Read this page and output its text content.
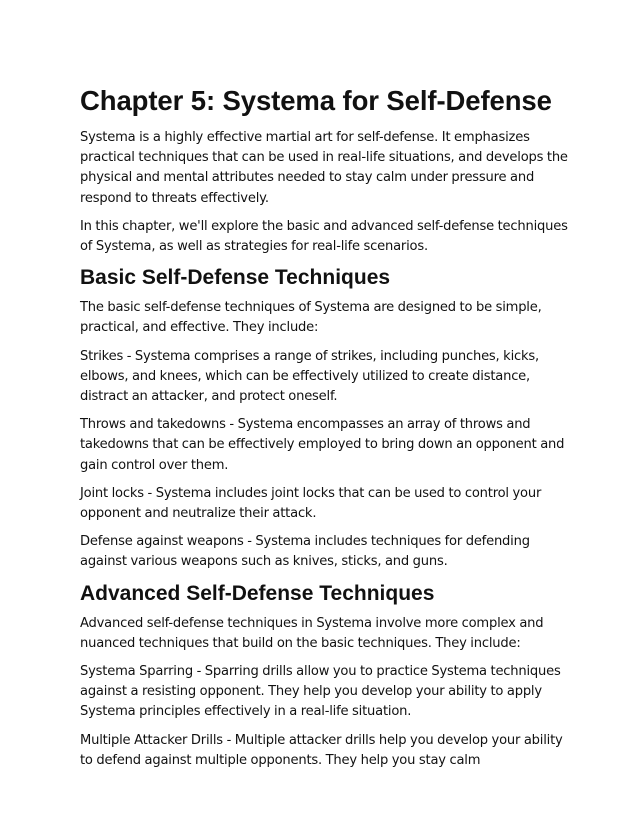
Chapter 5: Systema for Self-Defense

Systema is a highly effective martial art for self-defense. It emphasizes practical techniques that can be used in real-life situations, and develops the physical and mental attributes needed to stay calm under pressure and respond to threats effectively.

In this chapter, we'll explore the basic and advanced self-defense techniques of Systema, as well as strategies for real-life scenarios.

Basic Self-Defense Techniques

The basic self-defense techniques of Systema are designed to be simple, practical, and effective. They include:

Strikes - Systema comprises a range of strikes, including punches, kicks, elbows, and knees, which can be effectively utilized to create distance, distract an attacker, and protect oneself.

Throws and takedowns - Systema encompasses an array of throws and takedowns that can be effectively employed to bring down an opponent and gain control over them.

Joint locks - Systema includes joint locks that can be used to control your opponent and neutralize their attack.

Defense against weapons - Systema includes techniques for defending against various weapons such as knives, sticks, and guns.

Advanced Self-Defense Techniques

Advanced self-defense techniques in Systema involve more complex and nuanced techniques that build on the basic techniques. They include:

Systema Sparring - Sparring drills allow you to practice Systema techniques against a resisting opponent. They help you develop your ability to apply Systema principles effectively in a real-life situation.

Multiple Attacker Drills - Multiple attacker drills help you develop your ability to defend against multiple opponents. They help you stay calm
